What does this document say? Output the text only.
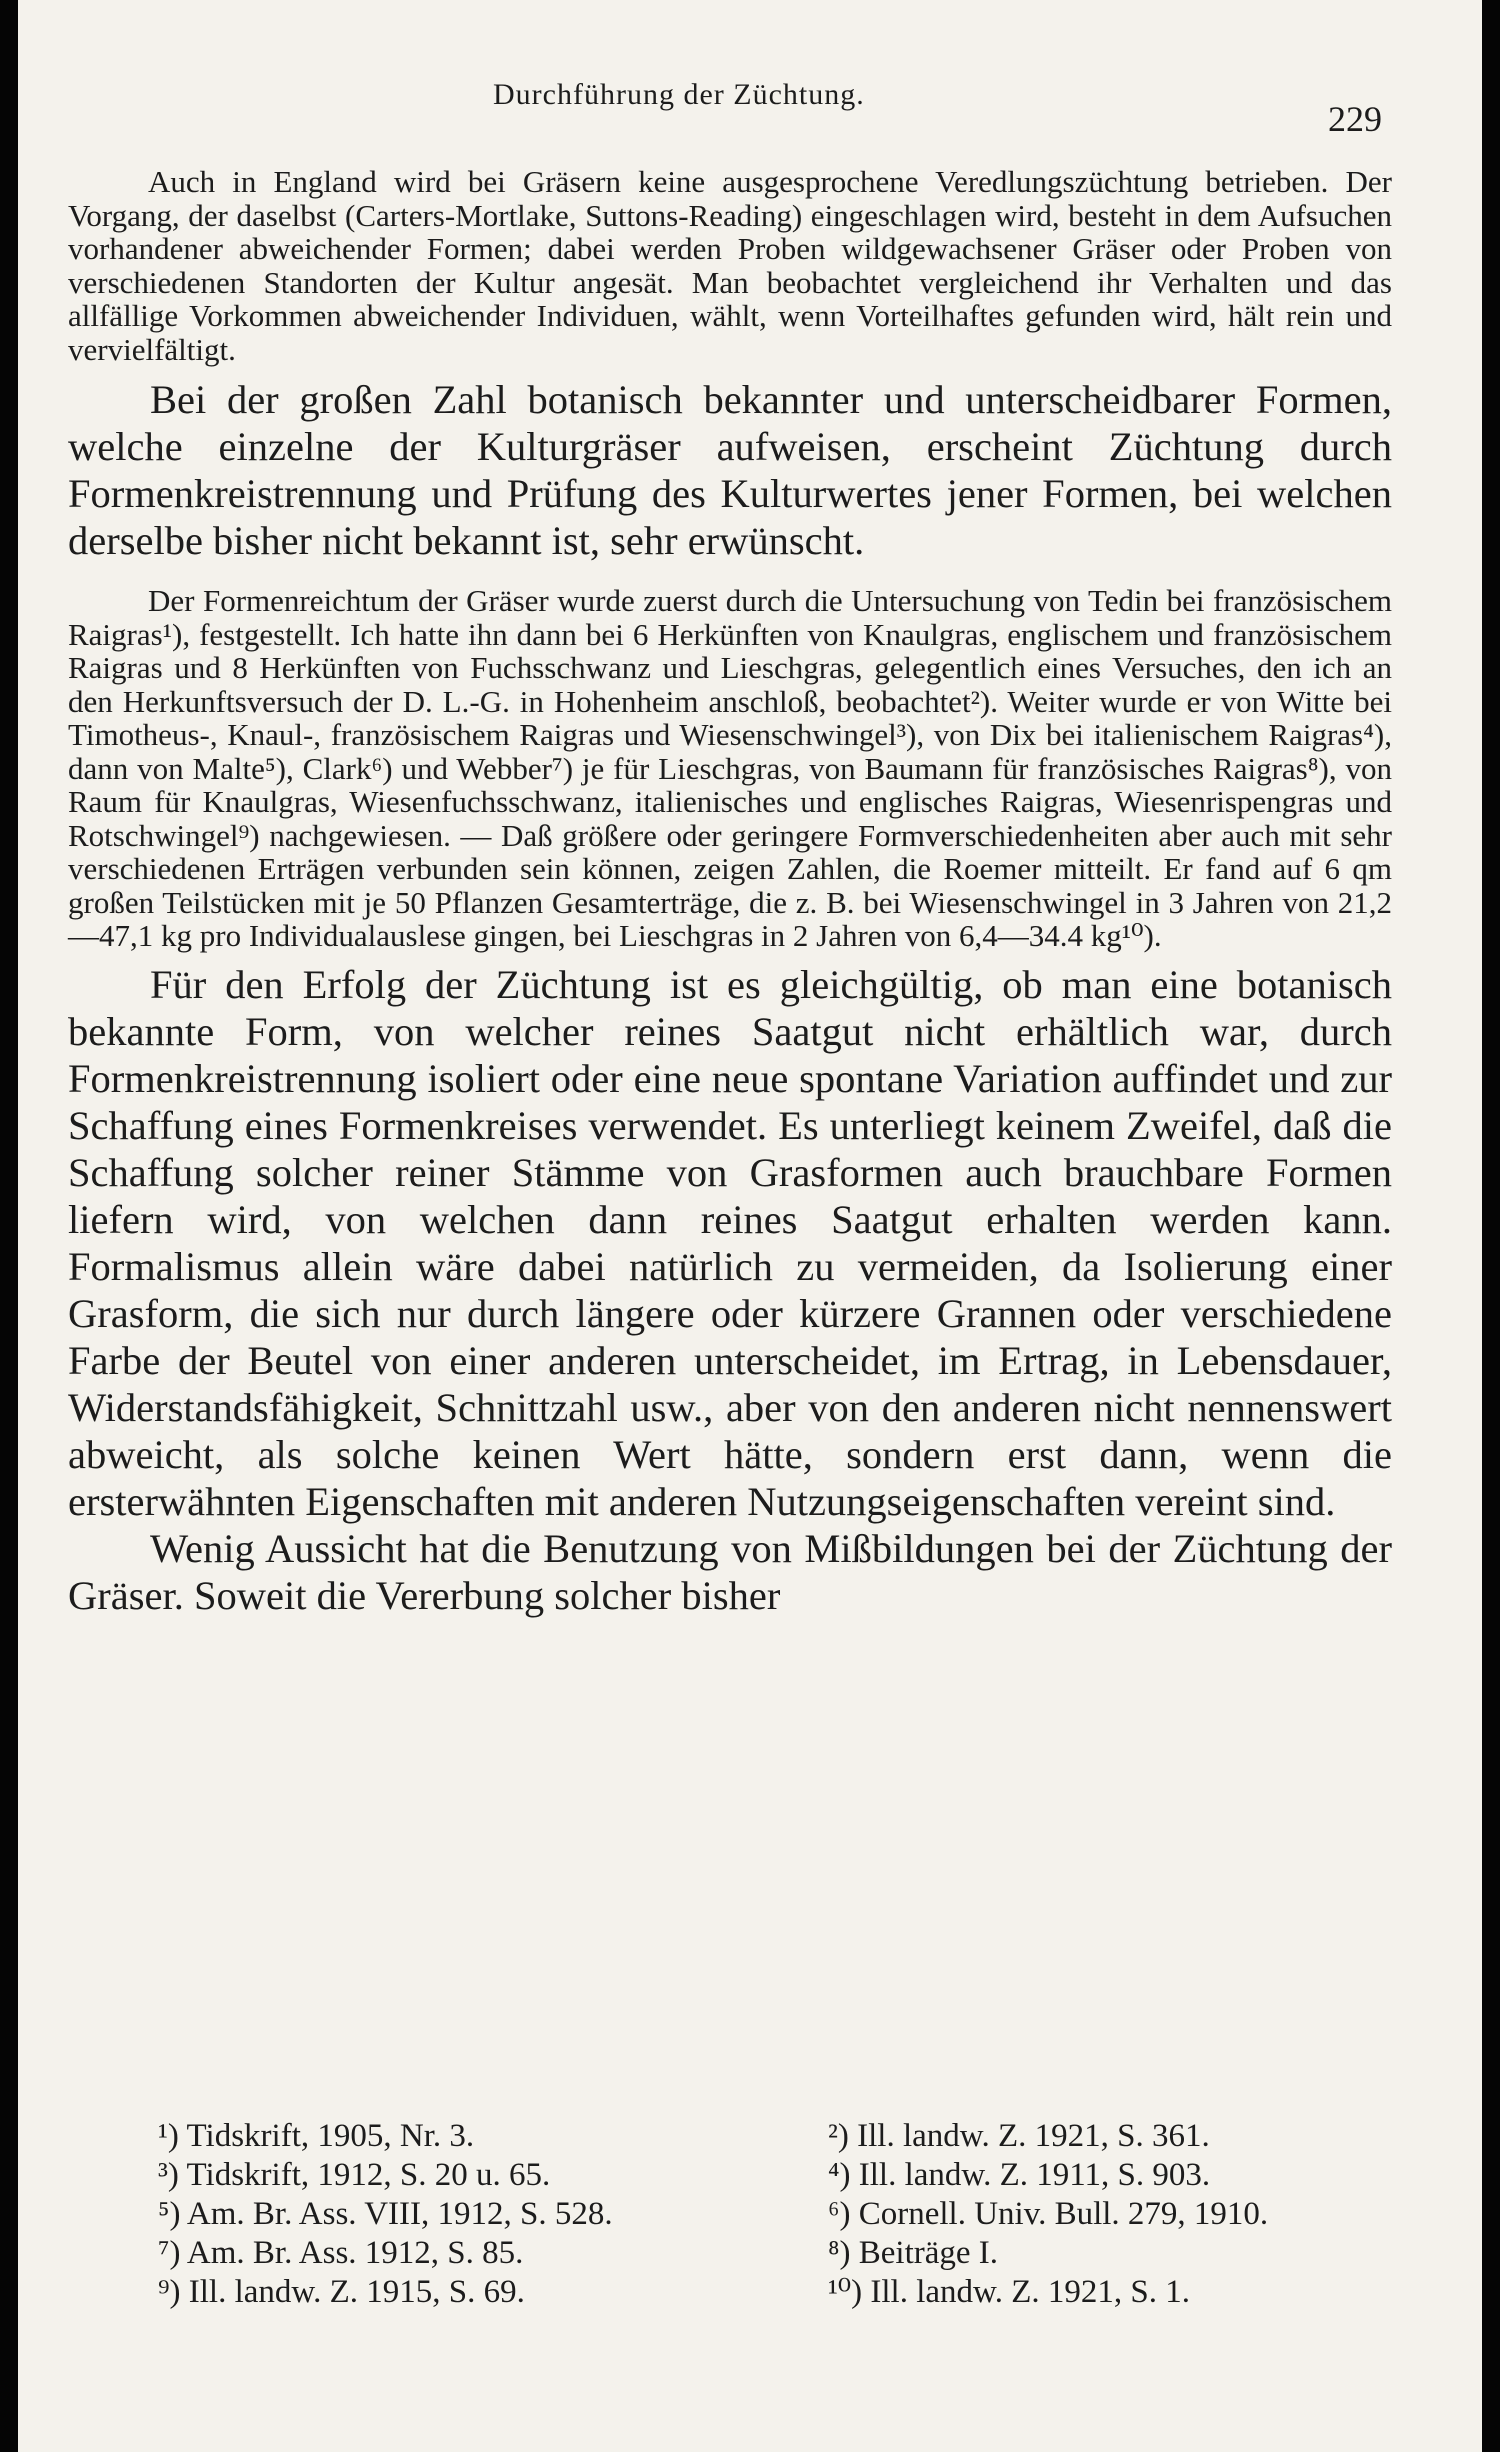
Durchführung der Züchtung.
229

Auch in England wird bei Gräsern keine ausgesprochene Veredlungszüchtung betrieben. Der Vorgang, der daselbst (Carters-Mortlake, Suttons-Reading) eingeschlagen wird, besteht in dem Aufsuchen vorhandener abweichender Formen; dabei werden Proben wildgewachsener Gräser oder Proben von verschiedenen Standorten der Kultur angesät. Man beobachtet vergleichend ihr Verhalten und das allfällige Vorkommen abweichender Individuen, wählt, wenn Vorteilhaftes gefunden wird, hält rein und vervielfältigt.

Bei der großen Zahl botanisch bekannter und unterscheidbarer Formen, welche einzelne der Kulturgräser aufweisen, erscheint Züchtung durch Formenkreistrennung und Prüfung des Kulturwertes jener Formen, bei welchen derselbe bisher nicht bekannt ist, sehr erwünscht.

Der Formenreichtum der Gräser wurde zuerst durch die Untersuchung von Tedin bei französischem Raigras¹), festgestellt. Ich hatte ihn dann bei 6 Herkünften von Knaulgras, englischem und französischem Raigras und 8 Herkünften von Fuchsschwanz und Lieschgras, gelegentlich eines Versuches, den ich an den Herkunftsversuch der D. L.-G. in Hohenheim anschloß, beobachtet²). Weiter wurde er von Witte bei Timotheus-, Knaul-, französischem Raigras und Wiesenschwingel³), von Dix bei italienischem Raigras⁴), dann von Malte⁵), Clark⁶) und Webber⁷) je für Lieschgras, von Baumann für französisches Raigras⁸), von Raum für Knaulgras, Wiesenfuchsschwanz, italienisches und englisches Raigras, Wiesenrispengras und Rotschwingel⁹) nachgewiesen. — Daß größere oder geringere Formverschiedenheiten aber auch mit sehr verschiedenen Erträgen verbunden sein können, zeigen Zahlen, die Roemer mitteilt. Er fand auf 6 qm großen Teilstücken mit je 50 Pflanzen Gesamterträge, die z. B. bei Wiesenschwingel in 3 Jahren von 21,2—47,1 kg pro Individualauslese gingen, bei Lieschgras in 2 Jahren von 6,4—34.4 kg¹⁰).

Für den Erfolg der Züchtung ist es gleichgültig, ob man eine botanisch bekannte Form, von welcher reines Saatgut nicht erhältlich war, durch Formenkreistrennung isoliert oder eine neue spontane Variation auffindet und zur Schaffung eines Formenkreises verwendet. Es unterliegt keinem Zweifel, daß die Schaffung solcher reiner Stämme von Grasformen auch brauchbare Formen liefern wird, von welchen dann reines Saatgut erhalten werden kann. Formalismus allein wäre dabei natürlich zu vermeiden, da Isolierung einer Grasform, die sich nur durch längere oder kürzere Grannen oder verschiedene Farbe der Beutel von einer anderen unterscheidet, im Ertrag, in Lebensdauer, Widerstandsfähigkeit, Schnittzahl usw., aber von den anderen nicht nennenswert abweicht, als solche keinen Wert hätte, sondern erst dann, wenn die ersterwähnten Eigenschaften mit anderen Nutzungseigenschaften vereint sind.

Wenig Aussicht hat die Benutzung von Mißbildungen bei der Züchtung der Gräser. Soweit die Vererbung solcher bisher

¹) Tidskrift, 1905, Nr. 3.	²) Ill. landw. Z. 1921, S. 361.
³) Tidskrift, 1912, S. 20 u. 65.	⁴) Ill. landw. Z. 1911, S. 903.
⁵) Am. Br. Ass. VIII, 1912, S. 528.	⁶) Cornell. Univ. Bull. 279, 1910.
⁷) Am. Br. Ass. 1912, S. 85.	⁸) Beiträge I.
⁹) Ill. landw. Z. 1915, S. 69.	¹⁰) Ill. landw. Z. 1921, S. 1.
